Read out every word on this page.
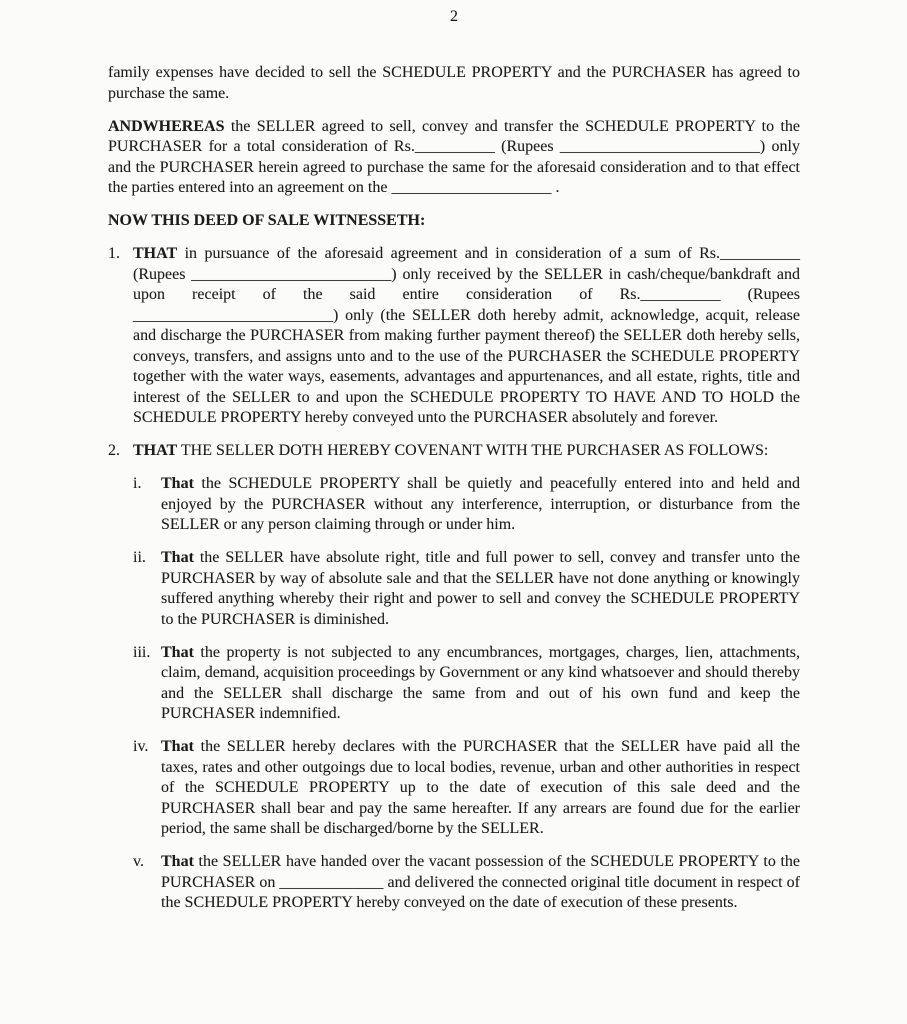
2

family expenses have decided to sell the SCHEDULE PROPERTY and the PURCHASER has agreed to purchase the same.

ANDWHEREAS the SELLER agreed to sell, convey and transfer the SCHEDULE PROPERTY to the PURCHASER for a total consideration of Rs.__________ (Rupees _________________________) only and the PURCHASER herein agreed to purchase the same for the aforesaid consideration and to that effect the parties entered into an agreement on the ____________________ .

NOW THIS DEED OF SALE WITNESSETH:

1. THAT in pursuance of the aforesaid agreement and in consideration of a sum of Rs.__________ (Rupees _________________________) only received by the SELLER in cash/cheque/bankdraft and upon receipt of the said entire consideration of Rs.__________ (Rupees _________________________) only (the SELLER doth hereby admit, acknowledge, acquit, release and discharge the PURCHASER from making further payment thereof) the SELLER doth hereby sells, conveys, transfers, and assigns unto and to the use of the PURCHASER the SCHEDULE PROPERTY together with the water ways, easements, advantages and appurtenances, and all estate, rights, title and interest of the SELLER to and upon the SCHEDULE PROPERTY TO HAVE AND TO HOLD the SCHEDULE PROPERTY hereby conveyed unto the PURCHASER absolutely and forever.
2. THAT THE SELLER DOTH HEREBY COVENANT WITH THE PURCHASER AS FOLLOWS:
i.	That the SCHEDULE PROPERTY shall be quietly and peacefully entered into and held and enjoyed by the PURCHASER without any interference, interruption, or disturbance from the SELLER or any person claiming through or under him.
ii. That the SELLER have absolute right, title and full power to sell, convey and transfer unto the PURCHASER by way of absolute sale and that the SELLER have not done anything or knowingly suffered anything whereby their right and power to sell and convey the SCHEDULE PROPERTY to the PURCHASER is diminished.
iii. That the property is not subjected to any encumbrances, mortgages, charges, lien, attachments, claim, demand, acquisition proceedings by Government or any kind whatsoever and should thereby and the SELLER shall discharge the same from and out of his own fund and keep the PURCHASER indemnified.
iv. That the SELLER hereby declares with the PURCHASER that the SELLER have paid all the taxes, rates and other outgoings due to local bodies, revenue, urban and other authorities in respect of the SCHEDULE PROPERTY up to the date of execution of this sale deed and the PURCHASER shall bear and pay the same hereafter. If any arrears are found due for the earlier period, the same shall be discharged/borne by the SELLER.
v.	That the SELLER have handed over the vacant possession of the SCHEDULE PROPERTY to the PURCHASER on _____________ and delivered the connected original title document in respect of the SCHEDULE PROPERTY hereby conveyed on the date of execution of these presents.
